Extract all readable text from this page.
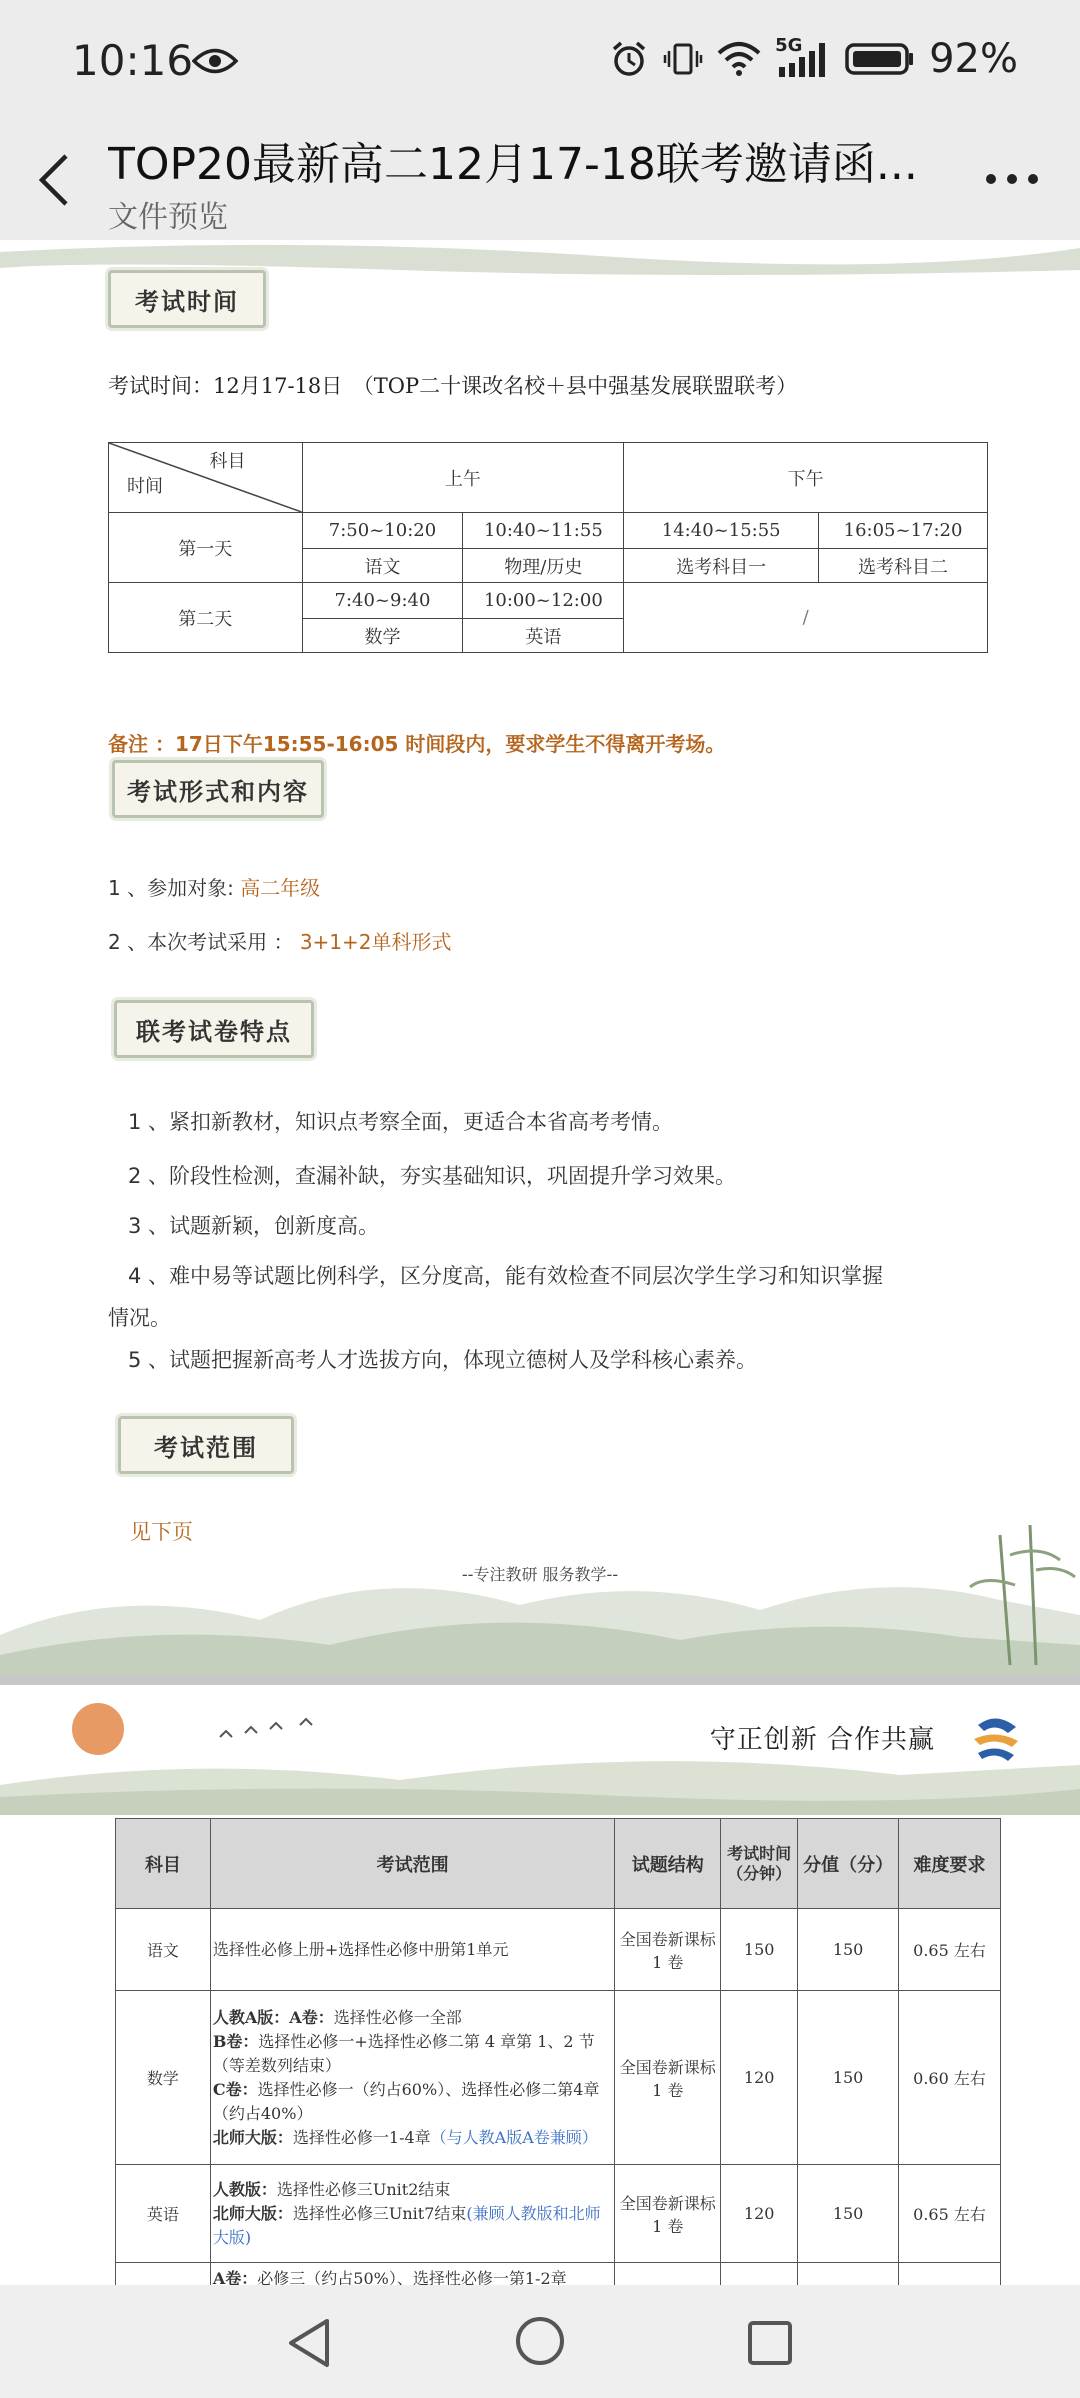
10:16	5G	92%
TOP20最新高二12月17-18联考邀请函...
文件预览
考试时间
考试时间：12月17-18日　（TOP二十课改名校＋县中强基发展联盟联考）
科目
时间	上午		下午	
第一天	7:50~10:20	10:40~11:55	14:40~15:55	16:05~17:20
	语文	物理/历史	选考科目一	选考科目二
第二天	7:40~9:40	10:00~12:00	/	
	数学	英语		
备注 ：17日下午15:55-16:05 时间段内，要求学生不得离开考场。
考试形式和内容
1 、参加对象: 高二年级
2 、本次考试采用 ： 3+1+2单科形式
联考试卷特点
1 、紧扣新教材，知识点考察全面，更适合本省高考考情。
2 、阶段性检测，查漏补缺，夯实基础知识，巩固提升学习效果。
3 、试题新颖，创新度高。
4 、难中易等试题比例科学，区分度高，能有效检查不同层次学生学习和知识掌握
情况。
5 、试题把握新高考人才选拔方向，体现立德树人及学科核心素养。
考试范围
见下页
--专注教研 服务教学--
守正创新 合作共赢
科目	考试范围	试题结构	考试时间（分钟）	分值（分）	难度要求
语文	选择性必修上册+选择性必修中册第1单元	全国卷新课标 1 卷	150	150	0.65 左右
数学	人教A版：A卷：选择性必修一全部
B卷：选择性必修一+选择性必修二第 4 章第 1、2 节（等差数列结束）
C卷：选择性必修一（约占60%）、选择性必修二第4章（约占40%）
北师大版：选择性必修一1-4章（与人教A版A卷兼顾）	全国卷新课标 1 卷	120	150	0.60 左右
英语	人教版：选择性必修三Unit2结束
北师大版：选择性必修三Unit7结束(兼顾人教版和北师大版)	全国卷新课标 1 卷	120	150	0.65 左右
	A卷：必修三（约占50%）、选择性必修一第1-2章				
